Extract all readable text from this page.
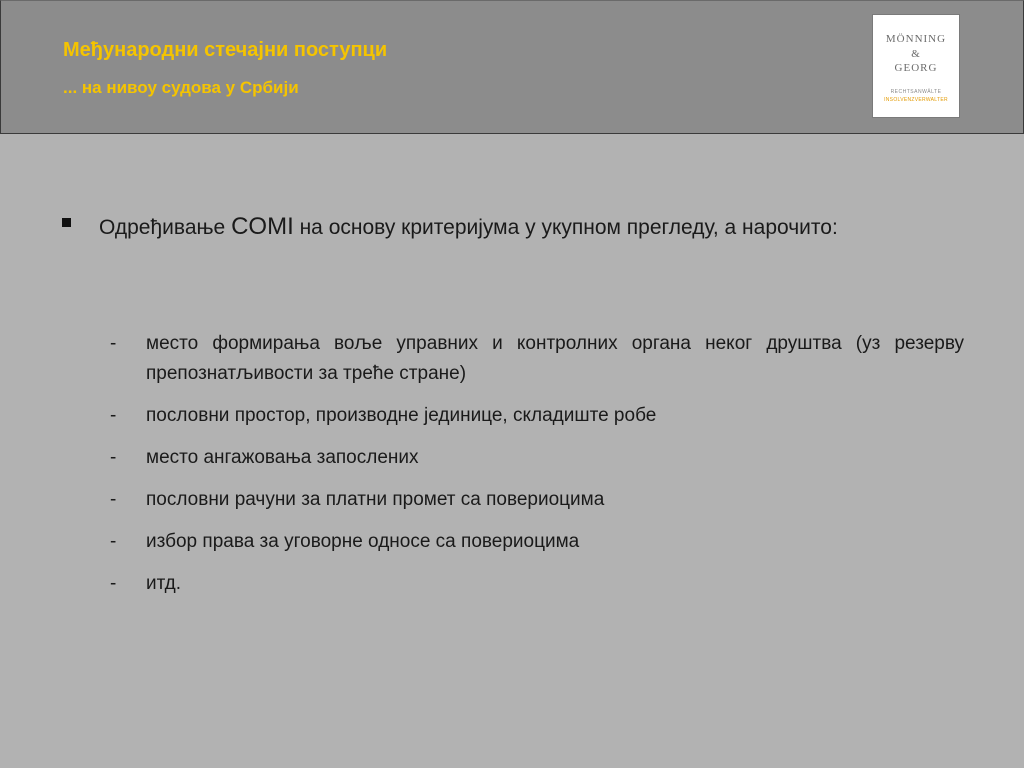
Међународни стечајни поступци
... на нивоу судова у Србији
MÖNNING
&
GEORG
RECHTSANWÄLTE
INSOLVENZVERWALTER
Одређивање COMI на основу критеријума у укупном прегледу, а нарочито:
-	место формирања воље управних и контролних органа неког друштва (уз резерву препознатљивости за треће стране)
-	пословни простор, производне јединице, складиште робе
-	место ангажовања запослених
-	пословни рачуни за платни промет са повериоцима
-	избор права за уговорне односе са повериоцима
-	итд.
